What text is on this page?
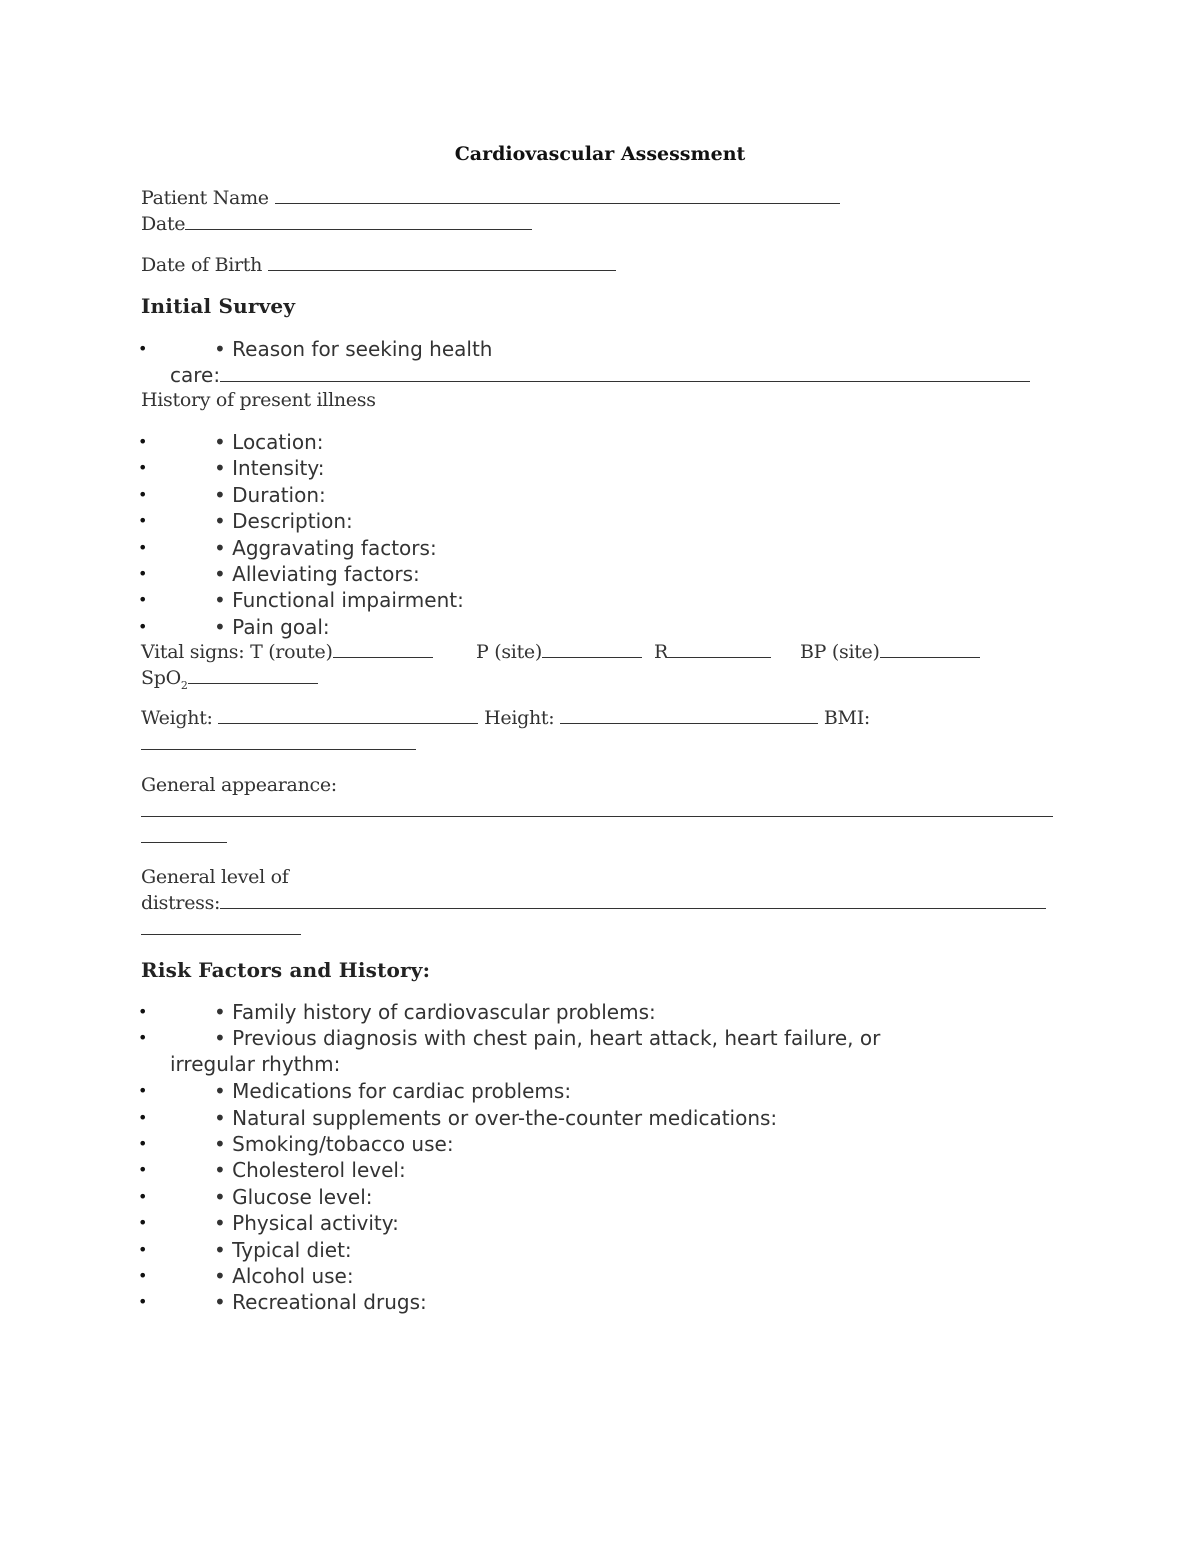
Cardiovascular Assessment
Patient Name
Date
Date of Birth
Initial Survey
•	• Reason for seeking health
care:
History of present illness
•	• Location:
•	• Intensity:
•	• Duration:
•	• Description:
•	• Aggravating factors:
•	• Alleviating factors:
•	• Functional impairment:
•	• Pain goal:
Vital signs: T (route)	P (site)	R	BP (site)
SpO$_2$
Weight:	Height:	BMI:
General appearance:
General level of
distress:
Risk Factors and History:
•	• Family history of cardiovascular problems:
•	• Previous diagnosis with chest pain, heart attack, heart failure, or
irregular rhythm:
•	• Medications for cardiac problems:
•	• Natural supplements or over-the-counter medications:
•	• Smoking/tobacco use:
•	• Cholesterol level:
•	• Glucose level:
•	• Physical activity:
•	• Typical diet:
•	• Alcohol use:
•	• Recreational drugs:
